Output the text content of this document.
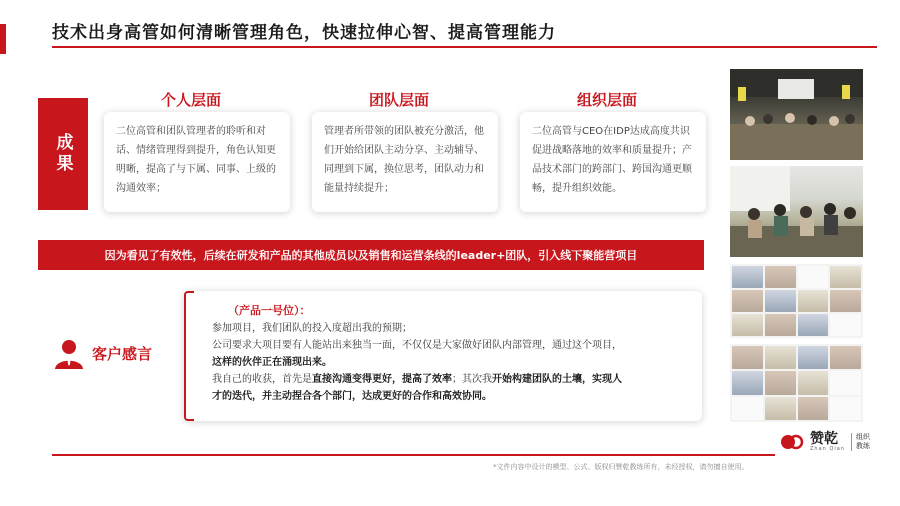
技术出身高管如何清晰管理角色，快速拉伸心智、提高管理能力
成果
个人层面
二位高管和团队管理者的聆听和对话、情绪管理得到提升，角色认知更明晰，提高了与下属、同事、上级的沟通效率；
团队层面
管理者所带领的团队被充分激活，他们开始给团队主动分享、主动辅导、同理到下属，换位思考，团队动力和能量持续提升；
组织层面
二位高管与CEO在IDP达成高度共识促进战略落地的效率和质量提升；产品技术部门的跨部门、跨国沟通更顺畅，提升组织效能。
因为看见了有效性，后续在研发和产品的其他成员以及销售和运营条线的leader+团队，引入线下聚能营项目
客户感言
（产品一号位）：
参加项目，我们团队的投入度超出我的预期；
公司要求大项目要有人能站出来独当一面，不仅仅是大家做好团队内部管理，通过这个项目，
这样的伙伴正在涌现出来。
我自己的收获，首先是直接沟通变得更好，提高了效率；其次我开始构建团队的土壤，实现人
才的迭代，并主动捏合各个部门，达成更好的合作和高效协同。
赞乾
Zhan Qian
组织
教练
*文件内容中设计的模型、公式、版权归赞乾教练所有，未经授权，请勿擅自使用。
